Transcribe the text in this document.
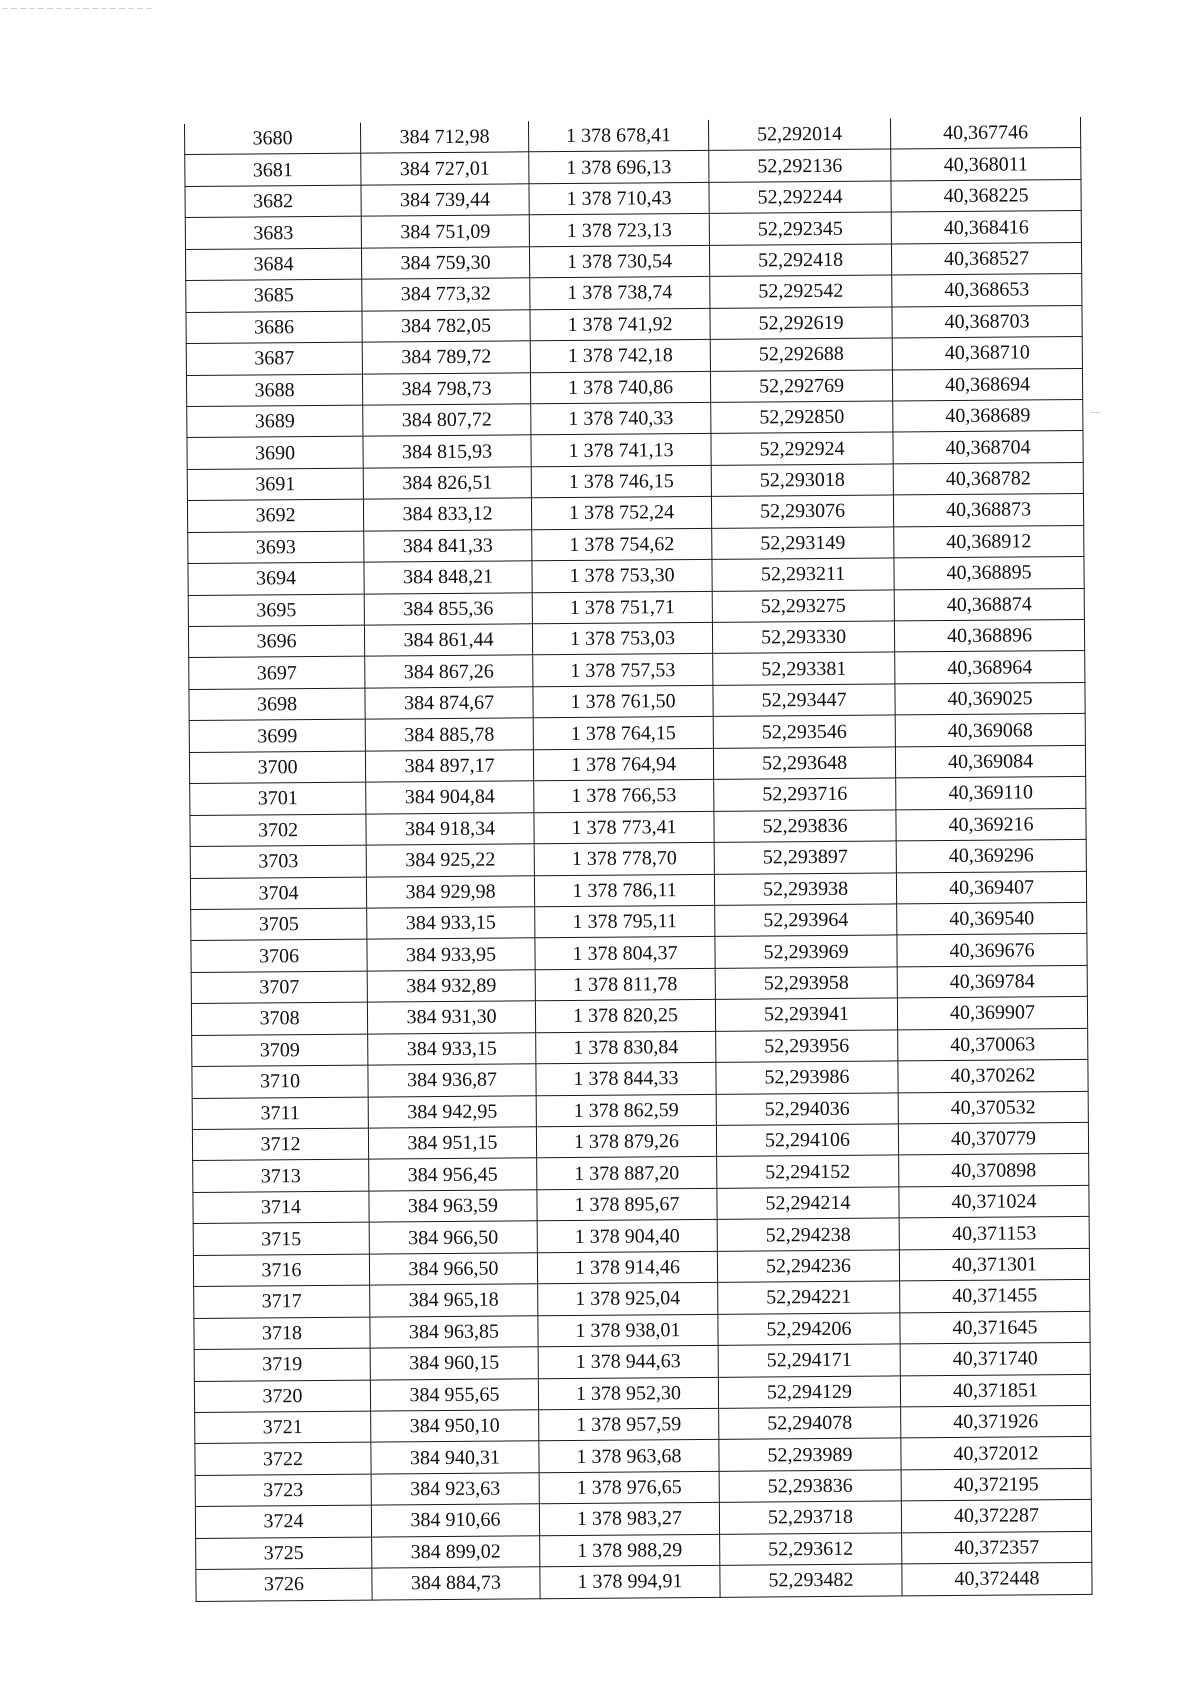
3680	384 712,98	1 378 678,41	52,292014	40,367746
3681	384 727,01	1 378 696,13	52,292136	40,368011
3682	384 739,44	1 378 710,43	52,292244	40,368225
3683	384 751,09	1 378 723,13	52,292345	40,368416
3684	384 759,30	1 378 730,54	52,292418	40,368527
3685	384 773,32	1 378 738,74	52,292542	40,368653
3686	384 782,05	1 378 741,92	52,292619	40,368703
3687	384 789,72	1 378 742,18	52,292688	40,368710
3688	384 798,73	1 378 740,86	52,292769	40,368694
3689	384 807,72	1 378 740,33	52,292850	40,368689
3690	384 815,93	1 378 741,13	52,292924	40,368704
3691	384 826,51	1 378 746,15	52,293018	40,368782
3692	384 833,12	1 378 752,24	52,293076	40,368873
3693	384 841,33	1 378 754,62	52,293149	40,368912
3694	384 848,21	1 378 753,30	52,293211	40,368895
3695	384 855,36	1 378 751,71	52,293275	40,368874
3696	384 861,44	1 378 753,03	52,293330	40,368896
3697	384 867,26	1 378 757,53	52,293381	40,368964
3698	384 874,67	1 378 761,50	52,293447	40,369025
3699	384 885,78	1 378 764,15	52,293546	40,369068
3700	384 897,17	1 378 764,94	52,293648	40,369084
3701	384 904,84	1 378 766,53	52,293716	40,369110
3702	384 918,34	1 378 773,41	52,293836	40,369216
3703	384 925,22	1 378 778,70	52,293897	40,369296
3704	384 929,98	1 378 786,11	52,293938	40,369407
3705	384 933,15	1 378 795,11	52,293964	40,369540
3706	384 933,95	1 378 804,37	52,293969	40,369676
3707	384 932,89	1 378 811,78	52,293958	40,369784
3708	384 931,30	1 378 820,25	52,293941	40,369907
3709	384 933,15	1 378 830,84	52,293956	40,370063
3710	384 936,87	1 378 844,33	52,293986	40,370262
3711	384 942,95	1 378 862,59	52,294036	40,370532
3712	384 951,15	1 378 879,26	52,294106	40,370779
3713	384 956,45	1 378 887,20	52,294152	40,370898
3714	384 963,59	1 378 895,67	52,294214	40,371024
3715	384 966,50	1 378 904,40	52,294238	40,371153
3716	384 966,50	1 378 914,46	52,294236	40,371301
3717	384 965,18	1 378 925,04	52,294221	40,371455
3718	384 963,85	1 378 938,01	52,294206	40,371645
3719	384 960,15	1 378 944,63	52,294171	40,371740
3720	384 955,65	1 378 952,30	52,294129	40,371851
3721	384 950,10	1 378 957,59	52,294078	40,371926
3722	384 940,31	1 378 963,68	52,293989	40,372012
3723	384 923,63	1 378 976,65	52,293836	40,372195
3724	384 910,66	1 378 983,27	52,293718	40,372287
3725	384 899,02	1 378 988,29	52,293612	40,372357
3726	384 884,73	1 378 994,91	52,293482	40,372448
